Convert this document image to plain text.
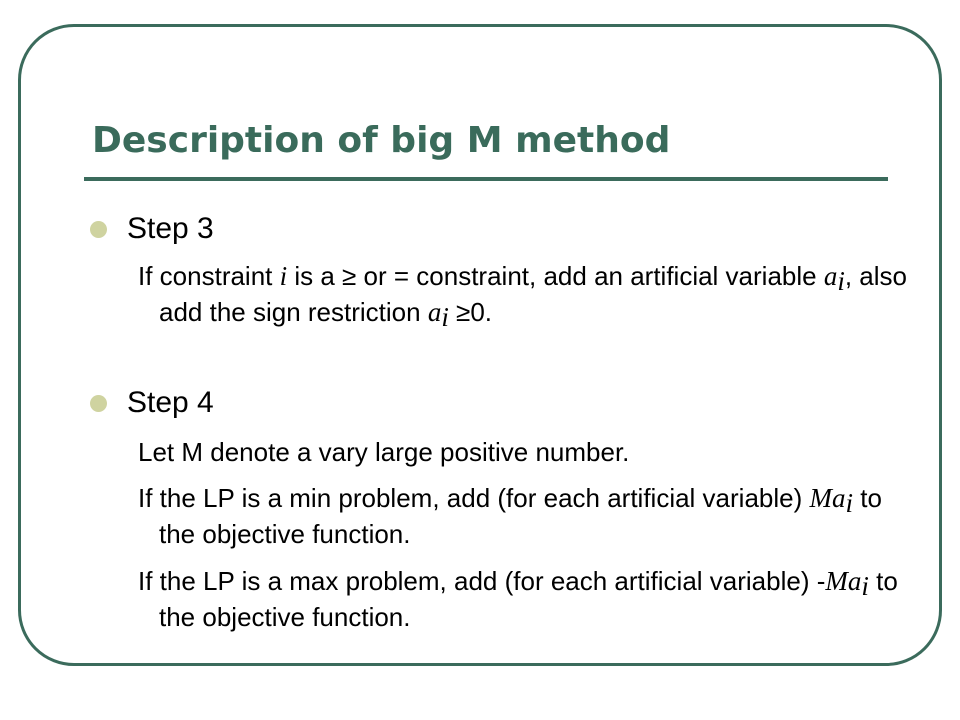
Description of big M method
Step 3

If constraint i is a ≥ or = constraint, add an artificial variable $a_i$, also add the sign restriction $a_i \ge 0$.

Step 4

Let M denote a vary large positive number.

If the LP is a min problem, add (for each artificial variable) $Ma_i$ to the objective function.

If the LP is a max problem, add (for each artificial variable) $-Ma_i$ to the objective function.
